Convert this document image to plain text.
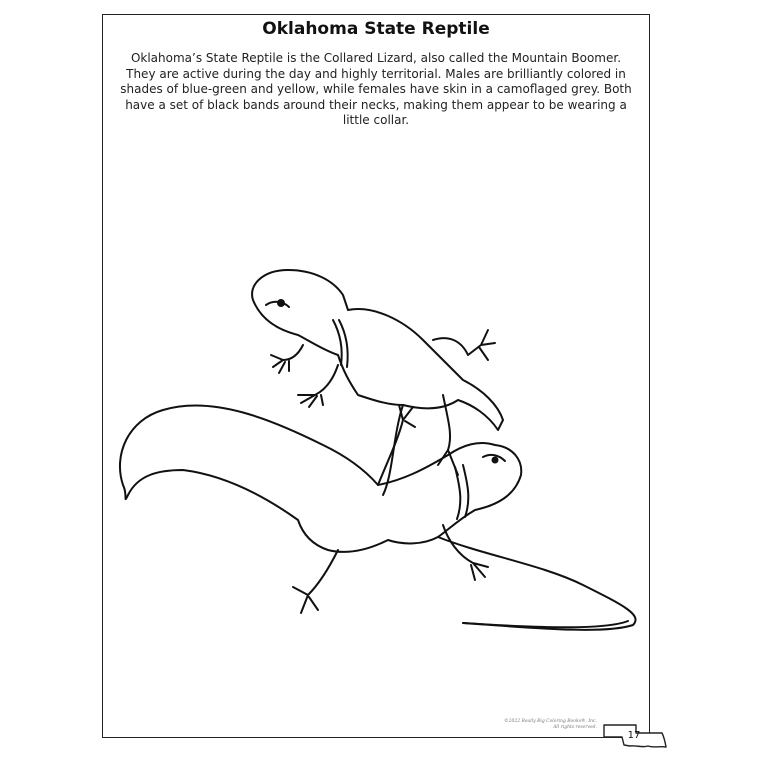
Oklahoma State Reptile
Oklahoma’s State Reptile is the Collared Lizard, also called the Mountain Boomer. They are active during the day and highly territorial. Males are brilliantly colored in shades of blue-green and yellow, while females have skin in a camoflaged grey. Both have a set of black bands around their necks, making them appear to be wearing a little collar.
©2022 Really Big Coloring Books®, Inc.
All rights reserved.
17
